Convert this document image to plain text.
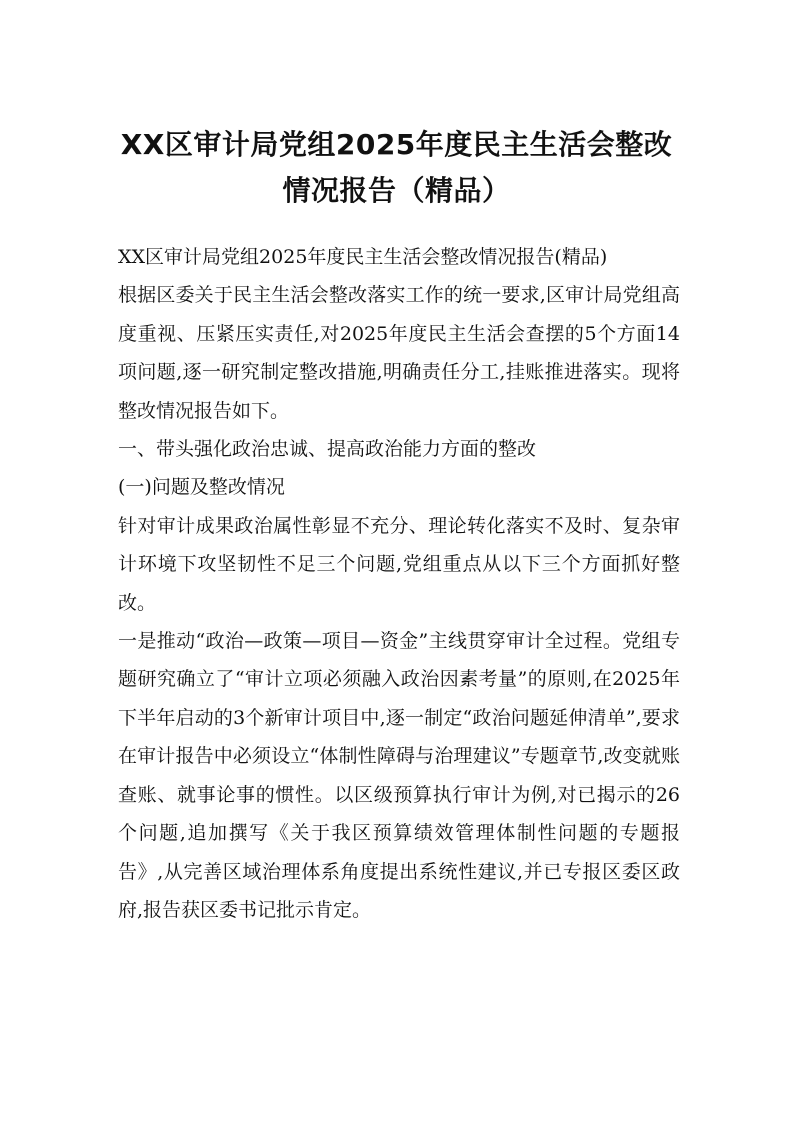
XX区审计局党组2025年度民主生活会整改
情况报告（精品）

XX区审计局党组2025年度民主生活会整改情况报告(精品)

根据区委关于民主生活会整改落实工作的统一要求,区审计局党组高度重视、压紧压实责任,对2025年度民主生活会查摆的5个方面14项问题,逐一研究制定整改措施,明确责任分工,挂账推进落实。现将整改情况报告如下。

一、带头强化政治忠诚、提高政治能力方面的整改

(一)问题及整改情况

针对审计成果政治属性彰显不充分、理论转化落实不及时、复杂审计环境下攻坚韧性不足三个问题,党组重点从以下三个方面抓好整改。

一是推动“政治—政策—项目—资金”主线贯穿审计全过程。党组专题研究确立了“审计立项必须融入政治因素考量”的原则,在2025年下半年启动的3个新审计项目中,逐一制定“政治问题延伸清单”,要求在审计报告中必须设立“体制性障碍与治理建议”专题章节,改变就账查账、就事论事的惯性。以区级预算执行审计为例,对已揭示的26个问题,追加撰写《关于我区预算绩效管理体制性问题的专题报告》,从完善区域治理体系角度提出系统性建议,并已专报区委区政府,报告获区委书记批示肯定。
